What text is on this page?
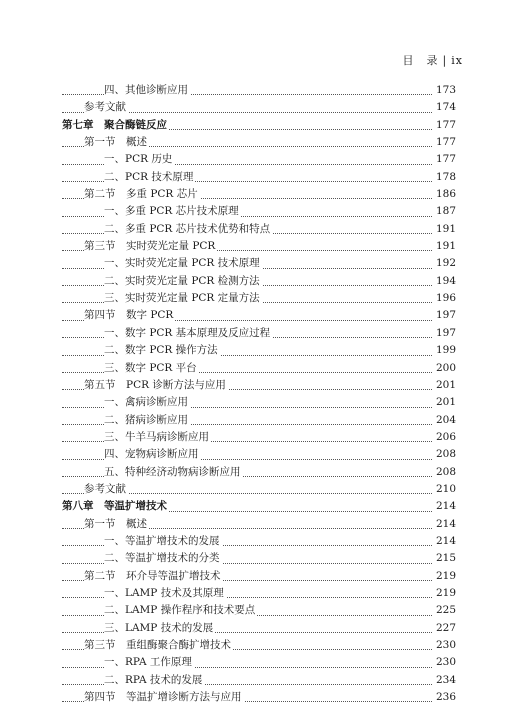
目　录 | ix
四、其他诊断应用	173
参考文献	174
第七章　聚合酶链反应	177
第一节　概述	177
一、PCR 历史	177
二、PCR 技术原理	178
第二节　多重 PCR 芯片	186
一、多重 PCR 芯片技术原理	187
二、多重 PCR 芯片技术优势和特点	191
第三节　实时荧光定量 PCR	191
一、实时荧光定量 PCR 技术原理	192
二、实时荧光定量 PCR 检测方法	194
三、实时荧光定量 PCR 定量方法	196
第四节　数字 PCR	197
一、数字 PCR 基本原理及反应过程	197
二、数字 PCR 操作方法	199
三、数字 PCR 平台	200
第五节　PCR 诊断方法与应用	201
一、禽病诊断应用	201
二、猪病诊断应用	204
三、牛羊马病诊断应用	206
四、宠物病诊断应用	208
五、特种经济动物病诊断应用	208
参考文献	210
第八章　等温扩增技术	214
第一节　概述	214
一、等温扩增技术的发展	214
二、等温扩增技术的分类	215
第二节　环介导等温扩增技术	219
一、LAMP 技术及其原理	219
二、LAMP 操作程序和技术要点	225
三、LAMP 技术的发展	227
第三节　重组酶聚合酶扩增技术	230
一、RPA 工作原理	230
二、RPA 技术的发展	234
第四节　等温扩增诊断方法与应用	236
